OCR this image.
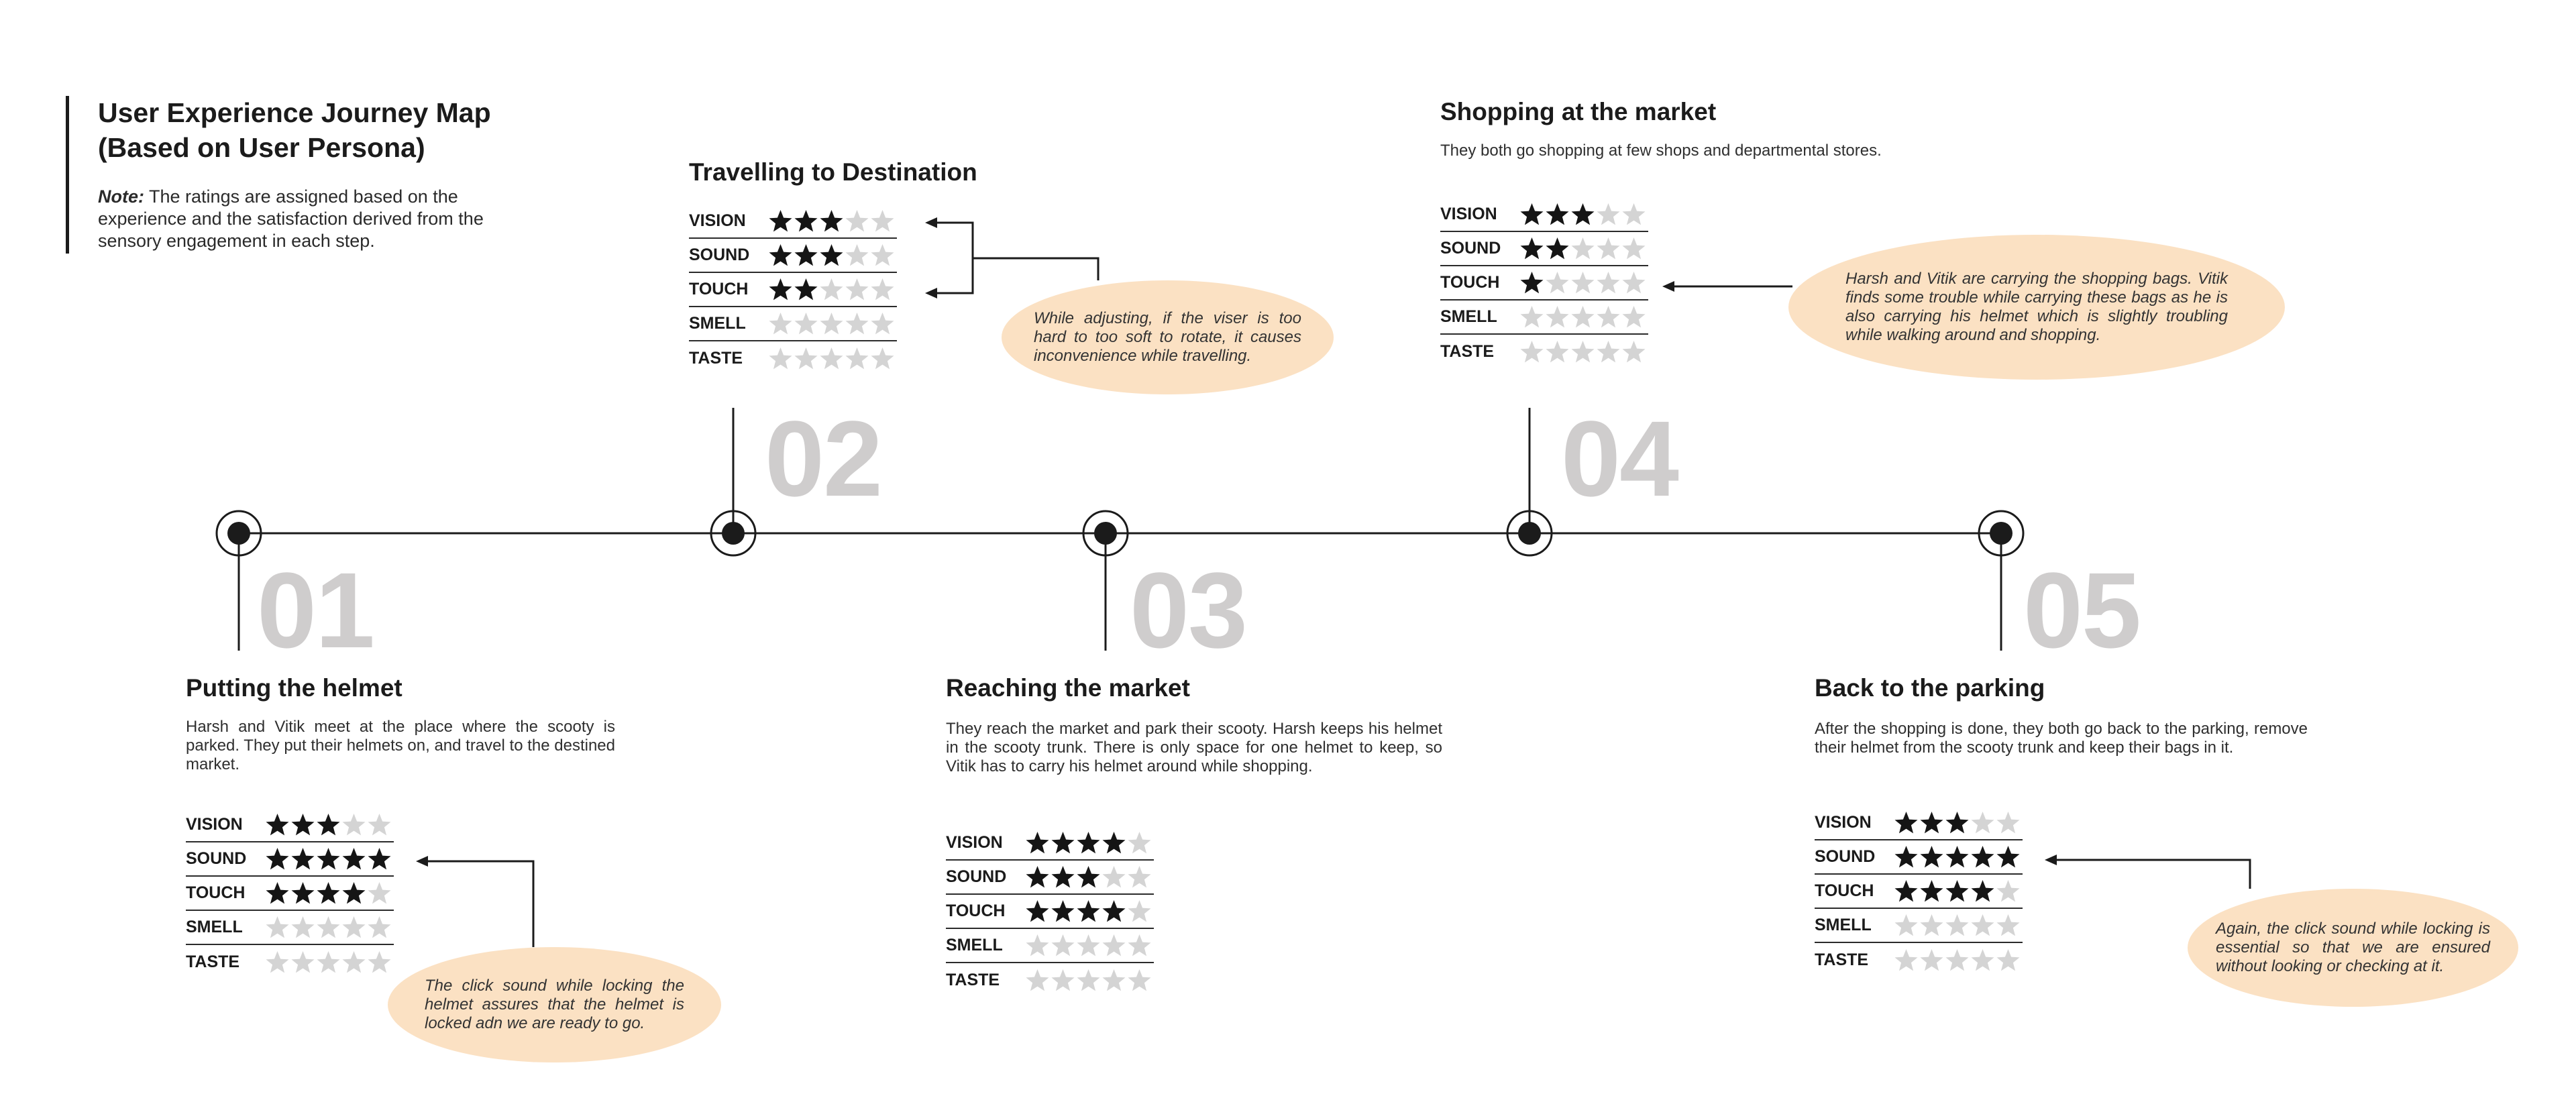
User Experience Journey Map
(Based on User Persona)
Note: The ratings are assigned based on the experience and the satisfaction derived from the sensory engagement in each step.
01
02
03
04
05
Putting the helmet
Harsh and Vitik meet at the place where the scooty is parked. They put their helmets on, and travel to the destined market.
VISION
SOUND
TOUCH
SMELL
TASTE
The click sound while locking the helmet assures that the helmet is locked adn we are ready to go.
Travelling to Destination
VISION
SOUND
TOUCH
SMELL
TASTE
While adjusting, if the viser is too hard to too soft to rotate, it causes inconvenience while travelling.
Reaching the market
They reach the market and park their scooty. Harsh keeps his helmet in the scooty trunk. There is only space for one helmet to keep, so Vitik has to carry his helmet around while shopping.
VISION
SOUND
TOUCH
SMELL
TASTE
Shopping at the market
They both go shopping at few shops and departmental stores.
VISION
SOUND
TOUCH
SMELL
TASTE
Harsh and Vitik are carrying the shopping bags. Vitik finds some trouble while carrying these bags as he is also carrying his helmet which is slightly troubling while walking around and shopping.
Back to the parking
After the shopping is done, they both go back to the parking, remove their helmet from the scooty trunk and keep their bags in it.
VISION
SOUND
TOUCH
SMELL
TASTE
Again, the click sound while locking is essential so that we are ensured without looking or checking at it.
